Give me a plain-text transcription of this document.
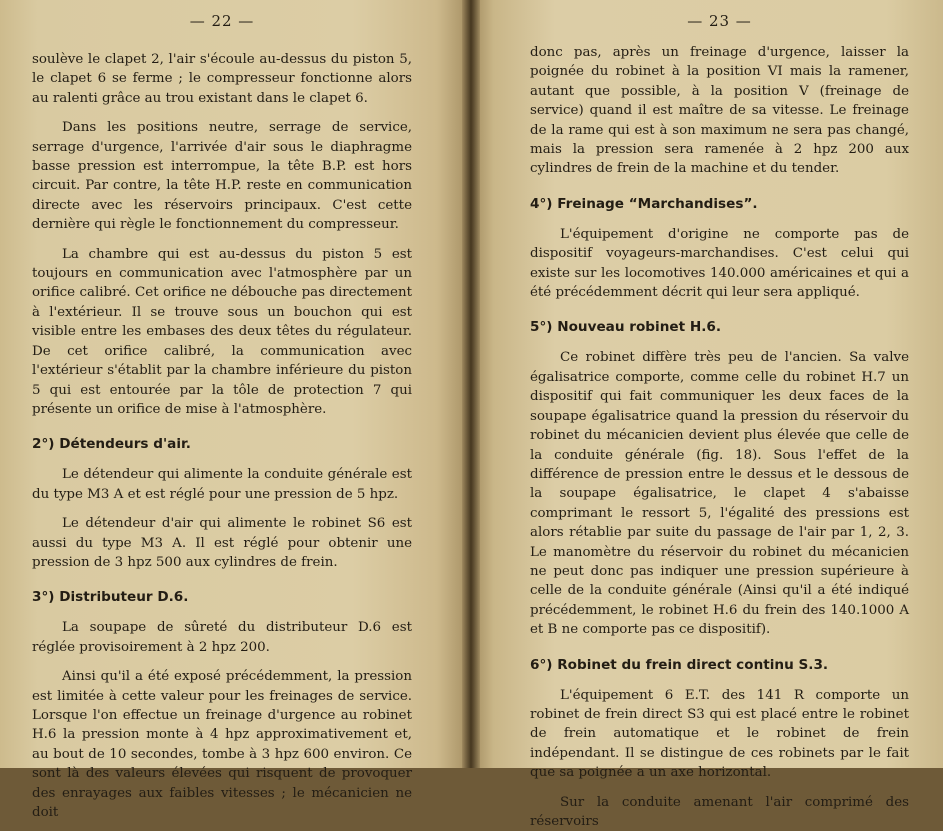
— 22 —

soulève le clapet 2, l'air s'écoule au-dessus du piston 5, le clapet 6 se ferme ; le compresseur fonctionne alors au ralenti grâce au trou existant dans le clapet 6.

Dans les positions neutre, serrage de service, serrage d'urgence, l'arrivée d'air sous le diaphragme basse pression est interrompue, la tête B.P. est hors circuit. Par contre, la tête H.P. reste en communication directe avec les réservoirs principaux. C'est cette dernière qui règle le fonctionnement du compresseur.

La chambre qui est au-dessus du piston 5 est toujours en communication avec l'atmosphère par un orifice calibré. Cet orifice ne débouche pas directement à l'extérieur. Il se trouve sous un bouchon qui est visible entre les embases des deux têtes du régulateur. De cet orifice calibré, la communication avec l'extérieur s'établit par la chambre inférieure du piston 5 qui est entourée par la tôle de protection 7 qui présente un orifice de mise à l'atmosphère.

2°) Détendeurs d'air.

Le détendeur qui alimente la conduite générale est du type M3 A et est réglé pour une pression de 5 hpz.

Le détendeur d'air qui alimente le robinet S6 est aussi du type M3 A. Il est réglé pour obtenir une pression de 3 hpz 500 aux cylindres de frein.

3°) Distributeur D.6.

La soupape de sûreté du distributeur D.6 est réglée provisoirement à 2 hpz 200.

Ainsi qu'il a été exposé précédemment, la pression est limitée à cette valeur pour les freinages de service. Lorsque l'on effectue un freinage d'urgence au robinet H.6 la pression monte à 4 hpz approximativement et, au bout de 10 secondes, tombe à 3 hpz 600 environ. Ce sont là des valeurs élevées qui risquent de provoquer des enrayages aux faibles vitesses ; le mécanicien ne doit

— 23 —

donc pas, après un freinage d'urgence, laisser la poignée du robinet à la position VI mais la ramener, autant que possible, à la position V (freinage de service) quand il est maître de sa vitesse. Le freinage de la rame qui est à son maximum ne sera pas changé, mais la pression sera ramenée à 2 hpz 200 aux cylindres de frein de la machine et du tender.

4°) Freinage “Marchandises”.

L'équipement d'origine ne comporte pas de dispositif voyageurs-marchandises. C'est celui qui existe sur les locomotives 140.000 américaines et qui a été précédemment décrit qui leur sera appliqué.

5°) Nouveau robinet H.6.

Ce robinet diffère très peu de l'ancien. Sa valve égalisatrice comporte, comme celle du robinet H.7 un dispositif qui fait communiquer les deux faces de la soupape égalisatrice quand la pression du réservoir du robinet du mécanicien devient plus élevée que celle de la conduite générale (fig. 18). Sous l'effet de la différence de pression entre le dessus et le dessous de la soupape égalisatrice, le clapet 4 s'abaisse comprimant le ressort 5, l'égalité des pressions est alors rétablie par suite du passage de l'air par 1, 2, 3. Le manomètre du réservoir du robinet du mécanicien ne peut donc pas indiquer une pression supérieure à celle de la conduite générale (Ainsi qu'il a été indiqué précédemment, le robinet H.6 du frein des 140.1000 A et B ne comporte pas ce dispositif).

6°) Robinet du frein direct continu S.3.

L'équipement 6 E.T. des 141 R comporte un robinet de frein direct S3 qui est placé entre le robinet de frein automatique et le robinet de frein indépendant. Il se distingue de ces robinets par le fait que sa poignée a un axe horizontal.

Sur la conduite amenant l'air comprimé des réservoirs
